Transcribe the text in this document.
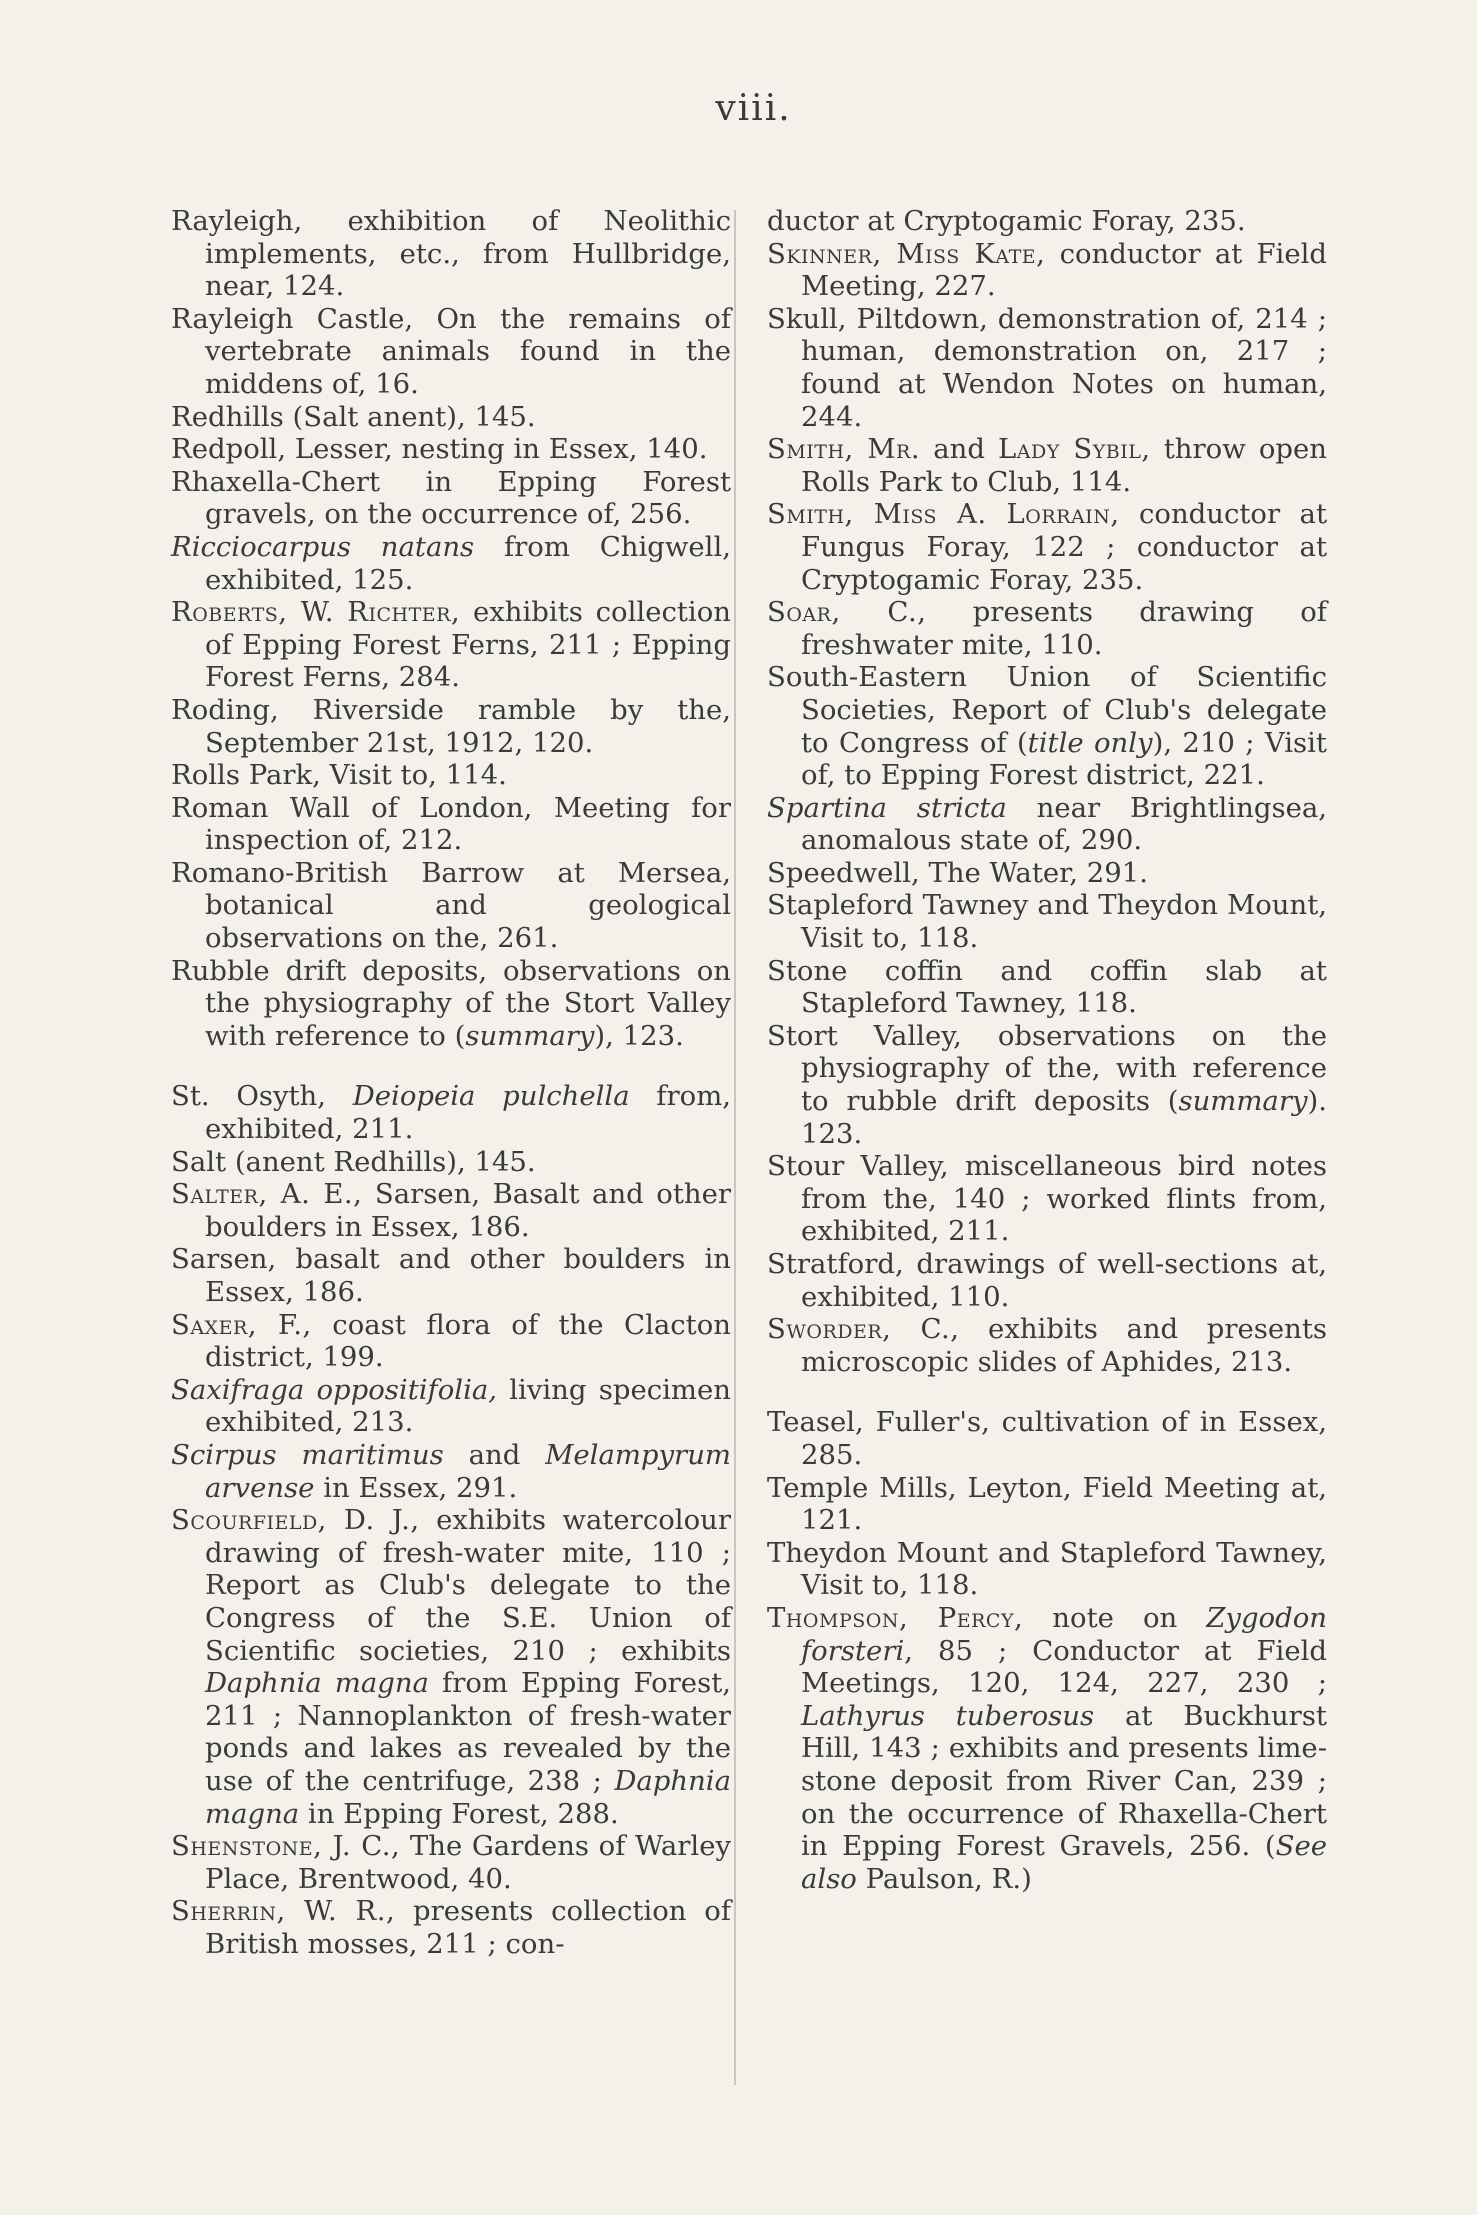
viii.

Rayleigh, exhibition of Neolithic implements, etc., from Hullbridge, near, 124.

Rayleigh Castle, On the remains of vertebrate animals found in the middens of, 16.

Redhills (Salt anent), 145.

Redpoll, Lesser, nesting in Essex, 140.

Rhaxella-Chert in Epping Forest gravels, on the occurrence of, 256.

Ricciocarpus natans from Chigwell, exhibited, 125.

Roberts, W. Richter, exhibits collection of Epping Forest Ferns, 211 ; Epping Forest Ferns, 284.

Roding, Riverside ramble by the, September 21st, 1912, 120.

Rolls Park, Visit to, 114.

Roman Wall of London, Meeting for inspection of, 212.

Romano-British Barrow at Mersea, botanical and geological observations on the, 261.

Rubble drift deposits, observations on the physiography of the Stort Valley with reference to (summary), 123.

St. Osyth, Deiopeia pulchella from, exhibited, 211.

Salt (anent Redhills), 145.

Salter, A. E., Sarsen, Basalt and other boulders in Essex, 186.

Sarsen, basalt and other boulders in Essex, 186.

Saxer, F., coast flora of the Clacton district, 199.

Saxifraga oppositifolia, living specimen exhibited, 213.

Scirpus maritimus and Melampyrum arvense in Essex, 291.

Scourfield, D. J., exhibits watercolour drawing of fresh-water mite, 110 ; Report as Club's delegate to the Congress of the S.E. Union of Scientific societies, 210 ; exhibits Daphnia magna from Epping Forest, 211 ; Nannoplankton of fresh-water ponds and lakes as revealed by the use of the centrifuge, 238 ; Daphnia magna in Epping Forest, 288.

Shenstone, J. C., The Gardens of Warley Place, Brentwood, 40.

Sherrin, W. R., presents collection of British mosses, 211 ; con-

ductor at Cryptogamic Foray, 235.

Skinner, Miss Kate, conductor at Field Meeting, 227.

Skull, Piltdown, demonstration of, 214 ; human, demonstration on, 217 ; found at Wendon Notes on human, 244.

Smith, Mr. and Lady Sybil, throw open Rolls Park to Club, 114.

Smith, Miss A. Lorrain, conductor at Fungus Foray, 122 ; conductor at Cryptogamic Foray, 235.

Soar, C., presents drawing of freshwater mite, 110.

South-Eastern Union of Scientific Societies, Report of Club's delegate to Congress of (title only), 210 ; Visit of, to Epping Forest district, 221.

Spartina stricta near Brightlingsea, anomalous state of, 290.

Speedwell, The Water, 291.

Stapleford Tawney and Theydon Mount, Visit to, 118.

Stone coffin and coffin slab at Stapleford Tawney, 118.

Stort Valley, observations on the physiography of the, with reference to rubble drift deposits (summary). 123.

Stour Valley, miscellaneous bird notes from the, 140 ; worked flints from, exhibited, 211.

Stratford, drawings of well-sections at, exhibited, 110.

Sworder, C., exhibits and presents microscopic slides of Aphides, 213.

Teasel, Fuller's, cultivation of in Essex, 285.

Temple Mills, Leyton, Field Meeting at, 121.

Theydon Mount and Stapleford Tawney, Visit to, 118.

Thompson, Percy, note on Zygodon forsteri, 85 ; Conductor at Field Meetings, 120, 124, 227, 230 ; Lathyrus tuberosus at Buckhurst Hill, 143 ; exhibits and presents lime-stone deposit from River Can, 239 ; on the occurrence of Rhaxella-Chert in Epping Forest Gravels, 256. (See also Paulson, R.)
